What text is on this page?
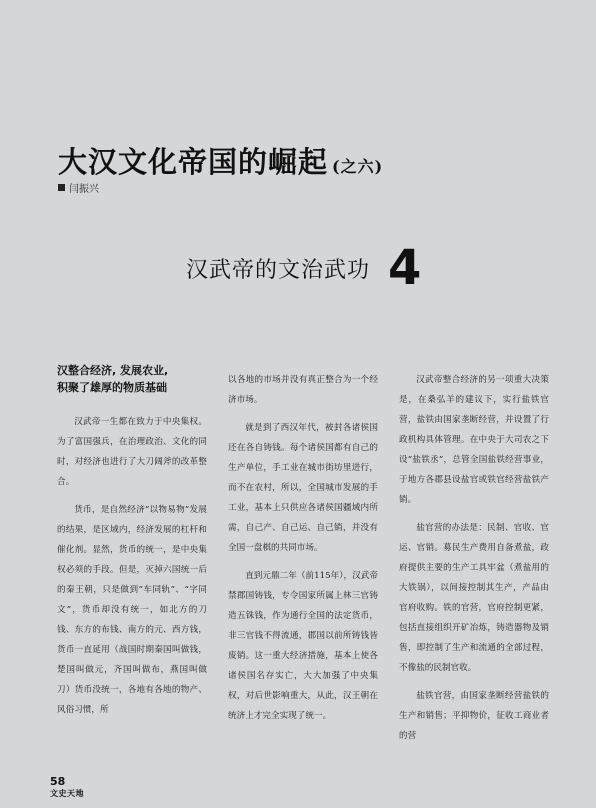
大汉文化帝国的崛起 (之六)
闫振兴
汉武帝的文治武功 4
汉整合经济, 发展农业,
积聚了雄厚的物质基础

汉武帝一生都在致力于中央集权。为了富国强兵，在治理政治、文化的同时，对经济也进行了大刀阔斧的改革整合。

货币，是自然经济“以物易物”发展的结果，是区域内，经济发展的杠杆和催化剂。显然，货币的统一，是中央集权必须的手段。但是，灭掉六国统一后的秦王朝，只是做到“车同轨”、“字同文”，货币却没有统一，如北方的刀钱、东方的布钱、南方的元、西方钱，货币一直延用（战国时期秦国叫做钱，楚国叫做元，齐国叫做布，燕国叫做刀）货币没统一，各地有各地的物产、风俗习惯，所

以各地的市场并没有真正整合为一个经济市场。

就是到了西汉年代，被封各诸侯国还在各自铸钱。每个诸侯国都有自己的生产单位，手工业在城市街坊里进行，而不在农村，所以，全国城市发展的手工业，基本上只供应各诸侯国疆域内所需，自己产、自己运、自己销，并没有全国一盘棋的共同市场。

直到元鼎二年（前115年），汉武帝禁郡国铸钱，专令国家所属上林三官铸造五铢钱，作为通行全国的法定货币，非三官钱不得流通，郡国以前所铸钱皆废销。这一重大经济措施，基本上使各诸侯国名存实亡，大大加强了中央集权，对后世影响重大，从此，汉王朝在统济上才完全实现了统一。

汉武帝整合经济的另一项重大决策是，在桑弘羊的建议下，实行盐铁官营，盐铁由国家垄断经营，并设置了行政机构具体管理。在中央于大司农之下设“盐铁丞”，总管全国盐铁经营事业，于地方各郡县设盐官或铁官经营盐铁产销。

盐官营的办法是：民制、官收、官运、官销。募民生产费用自备煮盐，政府提供主要的生产工具牢盆（煮盐用的大铁锅），以间接控制其生产，产品由官府收购。铁的官营，官府控制更紧，包括直接组织开矿冶炼，铸造器物及销售，即控制了生产和流通的全部过程，不像盐的民制官收。

盐铁官营，由国家垄断经营盐铁的生产和销售；平抑物价，征收工商业者的营

58
文史天地
